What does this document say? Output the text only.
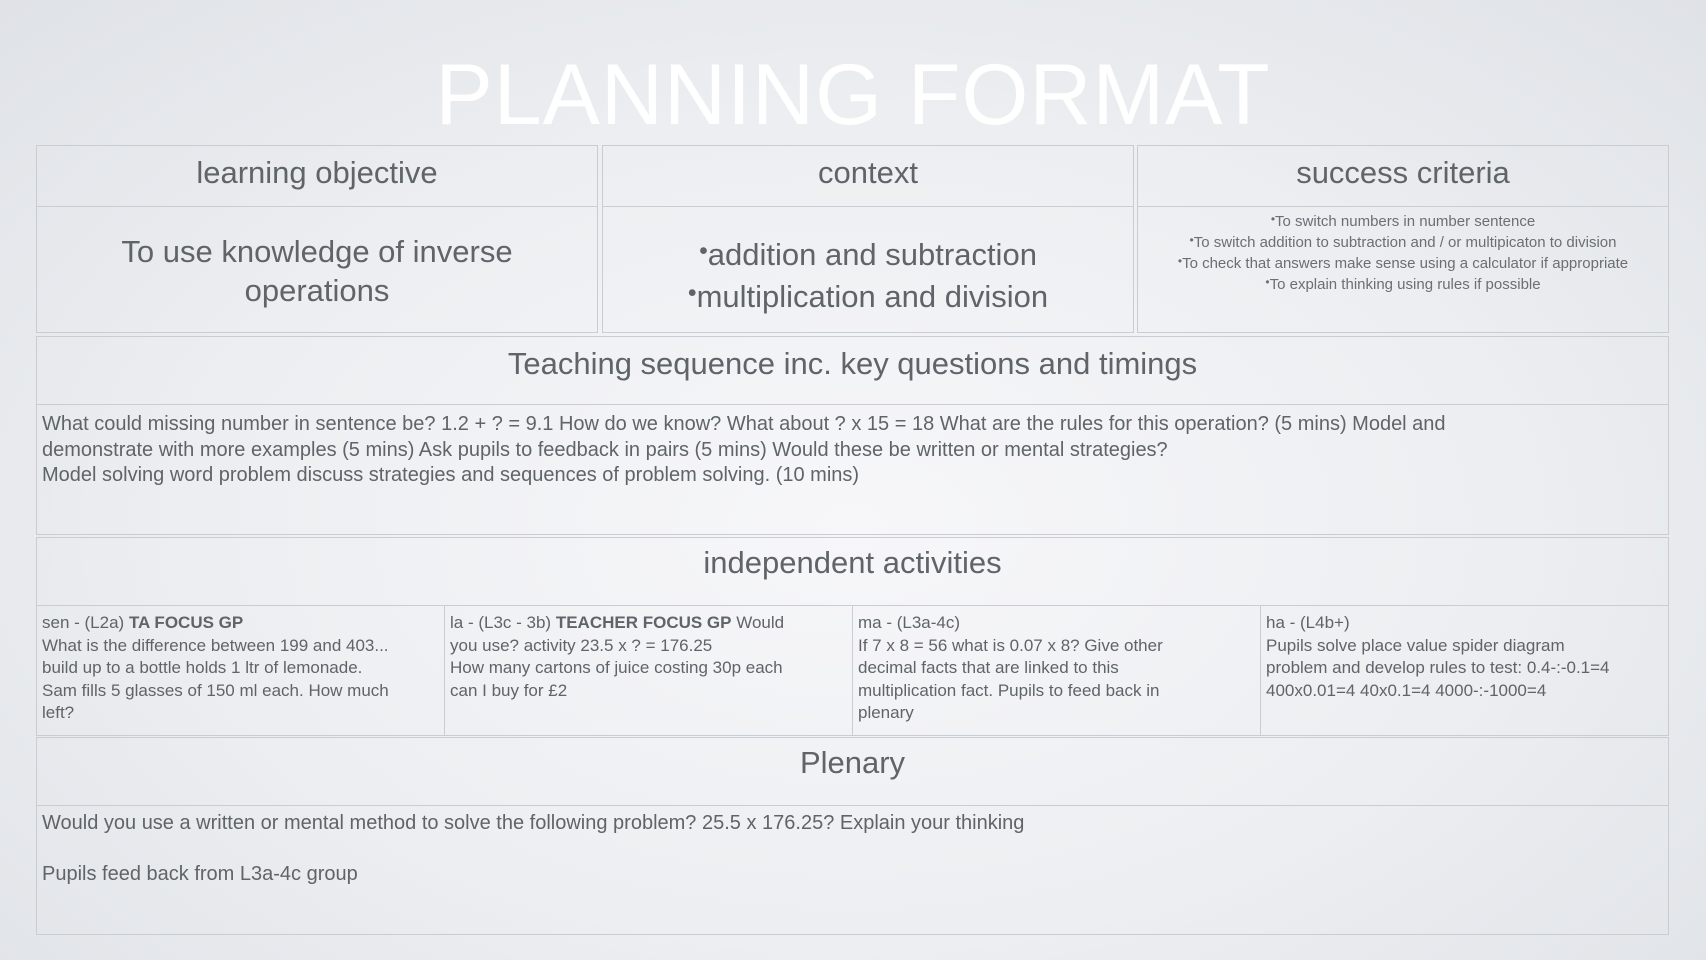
PLANNING FORMAT
learning objective	context	success criteria
To use knowledge of inverse operations
•addition and subtraction
•multiplication and division
•To switch numbers in number sentence
•To switch addition to subtraction and / or multipicaton to division
•To check that answers make sense using a calculator if appropriate
•To explain thinking using rules if possible
Teaching sequence inc. key questions and timings
What could missing number in sentence be? 1.2 + ? = 9.1 How do we know? What about ? x 15 = 18 What are the rules for this operation? (5 mins) Model and
demonstrate with more examples (5 mins) Ask pupils to feedback in pairs (5 mins) Would these be written or mental strategies?
Model solving word problem discuss strategies and sequences of problem solving. (10 mins)
independent activities
sen - (L2a) TA FOCUS GP
What is the difference between 199 and 403...
build up to a bottle holds 1 ltr of lemonade.
Sam fills 5 glasses of 150 ml each. How much
left?
la - (L3c - 3b) TEACHER FOCUS GP Would
you use? activity 23.5 x ? = 176.25
How many cartons of juice costing 30p each
can I buy for £2
ma - (L3a-4c)
If 7 x 8 = 56 what is 0.07 x 8? Give other
decimal facts that are linked to this
multiplication fact. Pupils to feed back in
plenary
ha - (L4b+)
Pupils solve place value spider diagram
problem and develop rules to test: 0.4-:-0.1=4
400x0.01=4 40x0.1=4 4000-:-1000=4
Plenary
Would you use a written or mental method to solve the following problem? 25.5 x 176.25? Explain your thinking

Pupils feed back from L3a-4c group
